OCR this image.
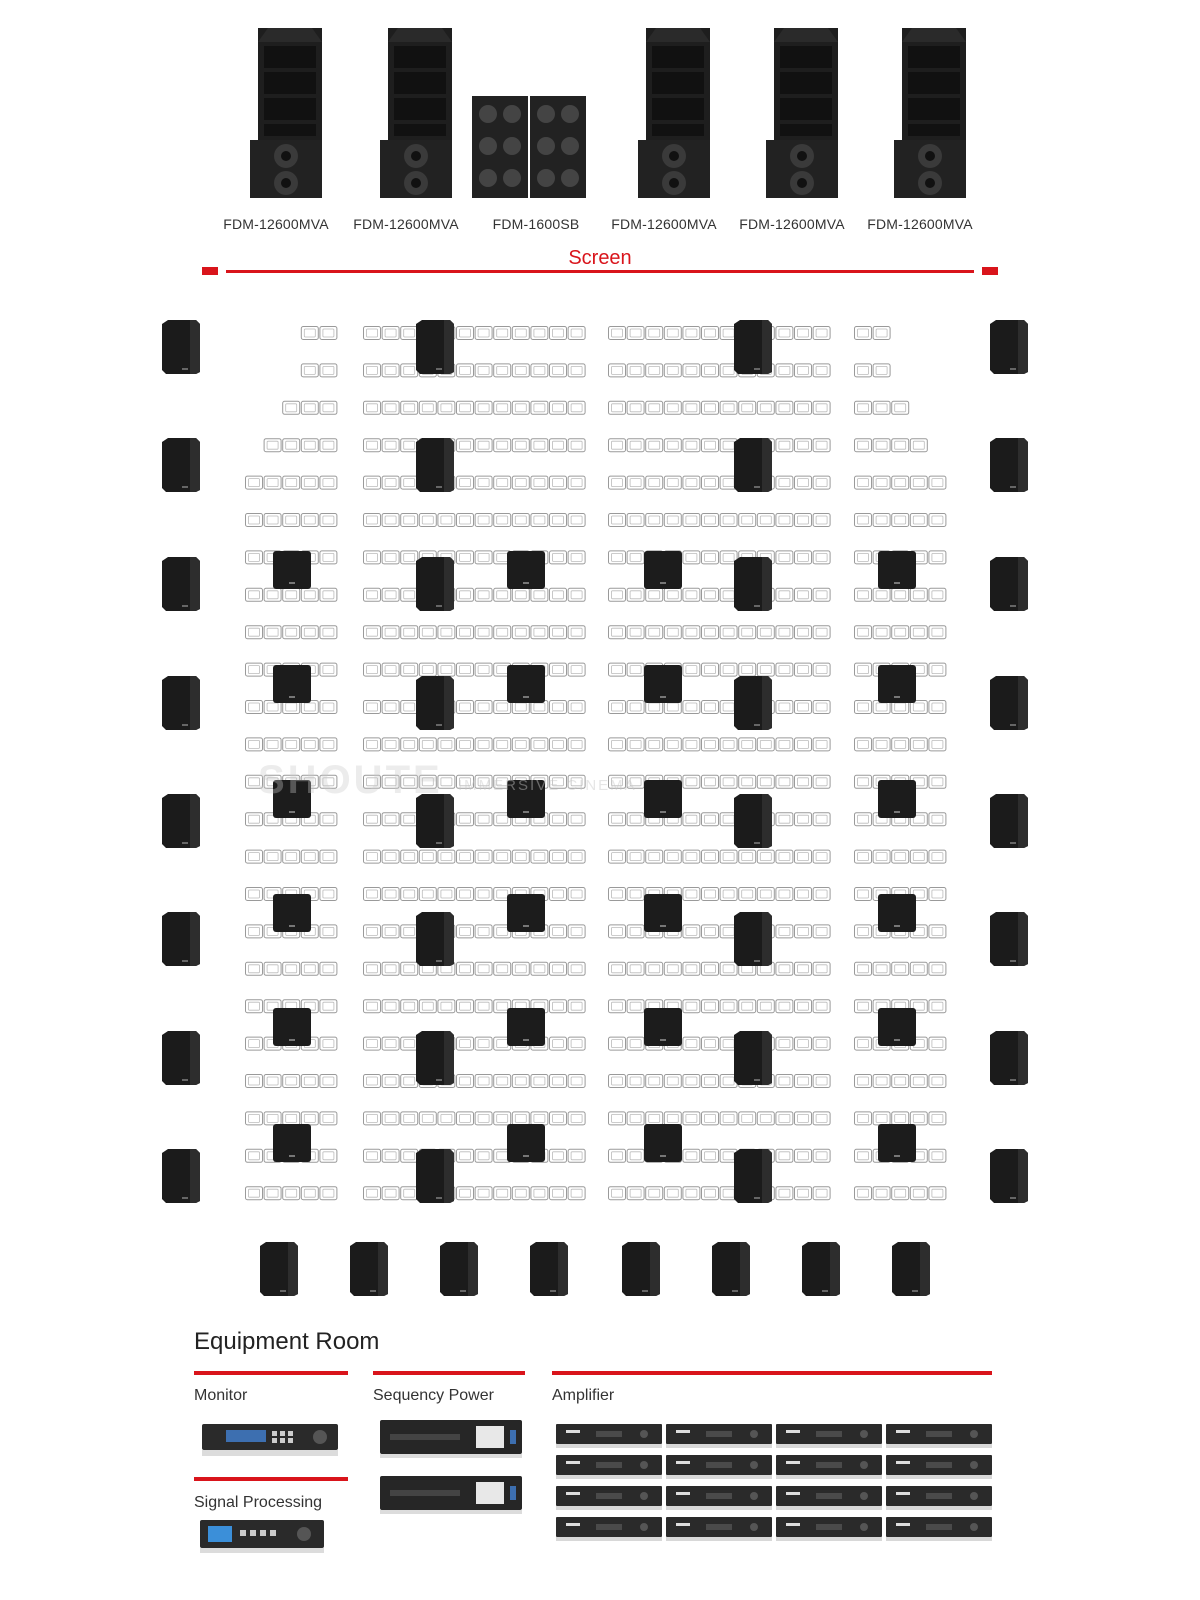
FDM-12600MVA	FDM-12600MVA	FDM-1600SB	FDM-12600MVA	FDM-12600MVA	FDM-12600MVA
Screen
SHOUTE IMMERSIVE CINEMA
Equipment Room
Monitor	Sequency Power	Amplifier
Signal Processing
